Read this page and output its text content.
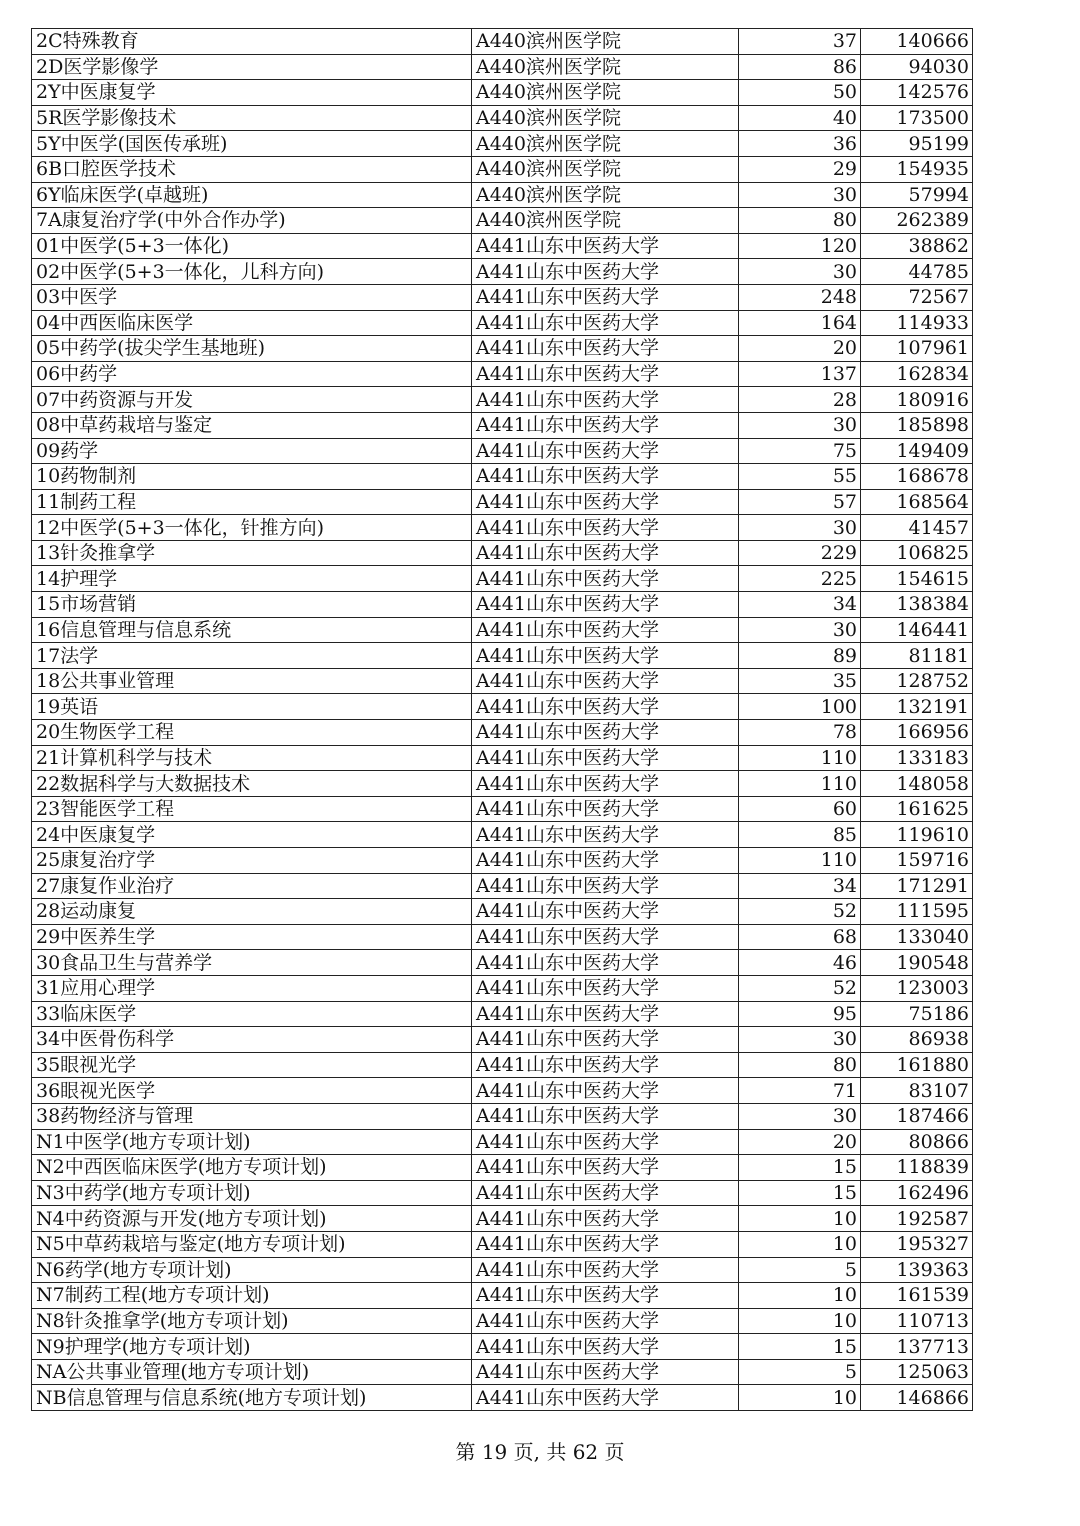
2C特殊教育	A440滨州医学院	37	140666
2D医学影像学	A440滨州医学院	86	94030
2Y中医康复学	A440滨州医学院	50	142576
5R医学影像技术	A440滨州医学院	40	173500
5Y中医学(国医传承班)	A440滨州医学院	36	95199
6B口腔医学技术	A440滨州医学院	29	154935
6Y临床医学(卓越班)	A440滨州医学院	30	57994
7A康复治疗学(中外合作办学)	A440滨州医学院	80	262389
01中医学(5+3一体化)	A441山东中医药大学	120	38862
02中医学(5+3一体化，儿科方向)	A441山东中医药大学	30	44785
03中医学	A441山东中医药大学	248	72567
04中西医临床医学	A441山东中医药大学	164	114933
05中药学(拔尖学生基地班)	A441山东中医药大学	20	107961
06中药学	A441山东中医药大学	137	162834
07中药资源与开发	A441山东中医药大学	28	180916
08中草药栽培与鉴定	A441山东中医药大学	30	185898
09药学	A441山东中医药大学	75	149409
10药物制剂	A441山东中医药大学	55	168678
11制药工程	A441山东中医药大学	57	168564
12中医学(5+3一体化，针推方向)	A441山东中医药大学	30	41457
13针灸推拿学	A441山东中医药大学	229	106825
14护理学	A441山东中医药大学	225	154615
15市场营销	A441山东中医药大学	34	138384
16信息管理与信息系统	A441山东中医药大学	30	146441
17法学	A441山东中医药大学	89	81181
18公共事业管理	A441山东中医药大学	35	128752
19英语	A441山东中医药大学	100	132191
20生物医学工程	A441山东中医药大学	78	166956
21计算机科学与技术	A441山东中医药大学	110	133183
22数据科学与大数据技术	A441山东中医药大学	110	148058
23智能医学工程	A441山东中医药大学	60	161625
24中医康复学	A441山东中医药大学	85	119610
25康复治疗学	A441山东中医药大学	110	159716
27康复作业治疗	A441山东中医药大学	34	171291
28运动康复	A441山东中医药大学	52	111595
29中医养生学	A441山东中医药大学	68	133040
30食品卫生与营养学	A441山东中医药大学	46	190548
31应用心理学	A441山东中医药大学	52	123003
33临床医学	A441山东中医药大学	95	75186
34中医骨伤科学	A441山东中医药大学	30	86938
35眼视光学	A441山东中医药大学	80	161880
36眼视光医学	A441山东中医药大学	71	83107
38药物经济与管理	A441山东中医药大学	30	187466
N1中医学(地方专项计划)	A441山东中医药大学	20	80866
N2中西医临床医学(地方专项计划)	A441山东中医药大学	15	118839
N3中药学(地方专项计划)	A441山东中医药大学	15	162496
N4中药资源与开发(地方专项计划)	A441山东中医药大学	10	192587
N5中草药栽培与鉴定(地方专项计划)	A441山东中医药大学	10	195327
N6药学(地方专项计划)	A441山东中医药大学	5	139363
N7制药工程(地方专项计划)	A441山东中医药大学	10	161539
N8针灸推拿学(地方专项计划)	A441山东中医药大学	10	110713
N9护理学(地方专项计划)	A441山东中医药大学	15	137713
NA公共事业管理(地方专项计划)	A441山东中医药大学	5	125063
NB信息管理与信息系统(地方专项计划)	A441山东中医药大学	10	146866
第 19 页, 共 62 页
